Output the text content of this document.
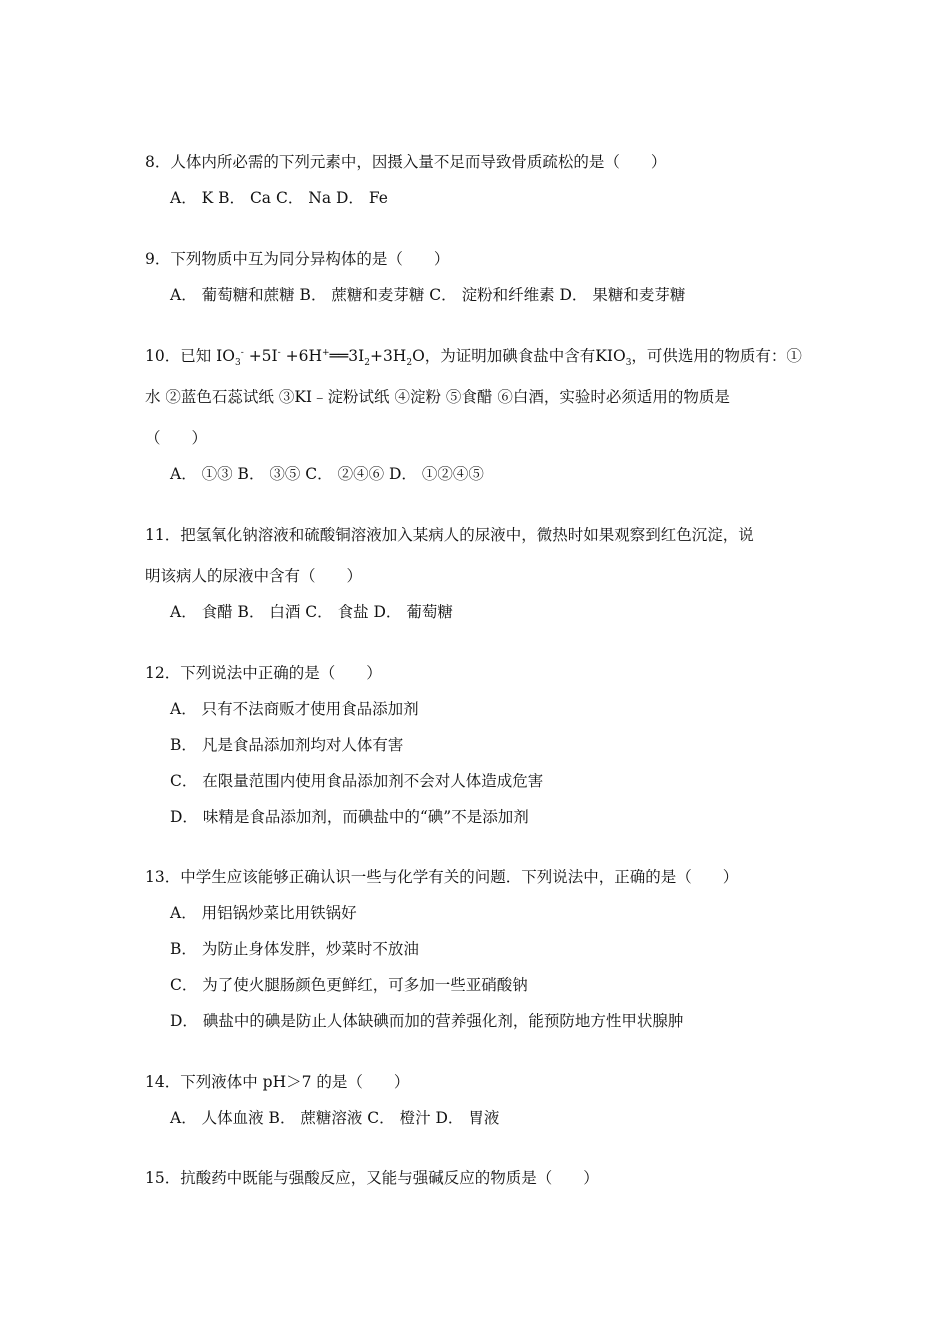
8．人体内所必需的下列元素中，因摄入量不足而导致骨质疏松的是（　　）
A． K B． Ca C． Na D． Fe
9．下列物质中互为同分异构体的是（　　）
A． 葡萄糖和蔗糖 B． 蔗糖和麦芽糖 C． 淀粉和纤维素 D． 果糖和麦芽糖
10．已知 $IO_3^- +5I^-$ $+6H^+══3I_2+3H_2O$，为证明加碘食盐中含有$KIO_3$，可供选用的物质有：①
水 ②蓝色石蕊试纸 ③KI﹣淀粉试纸 ④淀粉 ⑤食醋 ⑥白酒，实验时必须适用的物质是
（　　）
A． ①③ B． ③⑤ C． ②④⑥ D． ①②④⑤
11．把氢氧化钠溶液和硫酸铜溶液加入某病人的尿液中，微热时如果观察到红色沉淀，说
明该病人的尿液中含有（　　）
A． 食醋 B． 白酒 C． 食盐 D． 葡萄糖
12．下列说法中正确的是（　　）
A． 只有不法商贩才使用食品添加剂
B． 凡是食品添加剂均对人体有害
C． 在限量范围内使用食品添加剂不会对人体造成危害
D． 味精是食品添加剂，而碘盐中的“碘”不是添加剂
13．中学生应该能够正确认识一些与化学有关的问题．下列说法中，正确的是（　　）
A． 用铝锅炒菜比用铁锅好
B． 为防止身体发胖，炒菜时不放油
C． 为了使火腿肠颜色更鲜红，可多加一些亚硝酸钠
D． 碘盐中的碘是防止人体缺碘而加的营养强化剂，能预防地方性甲状腺肿
14．下列液体中 pH＞7 的是（　　）
A． 人体血液 B． 蔗糖溶液 C． 橙汁 D． 胃液
15．抗酸药中既能与强酸反应，又能与强碱反应的物质是（　　）
